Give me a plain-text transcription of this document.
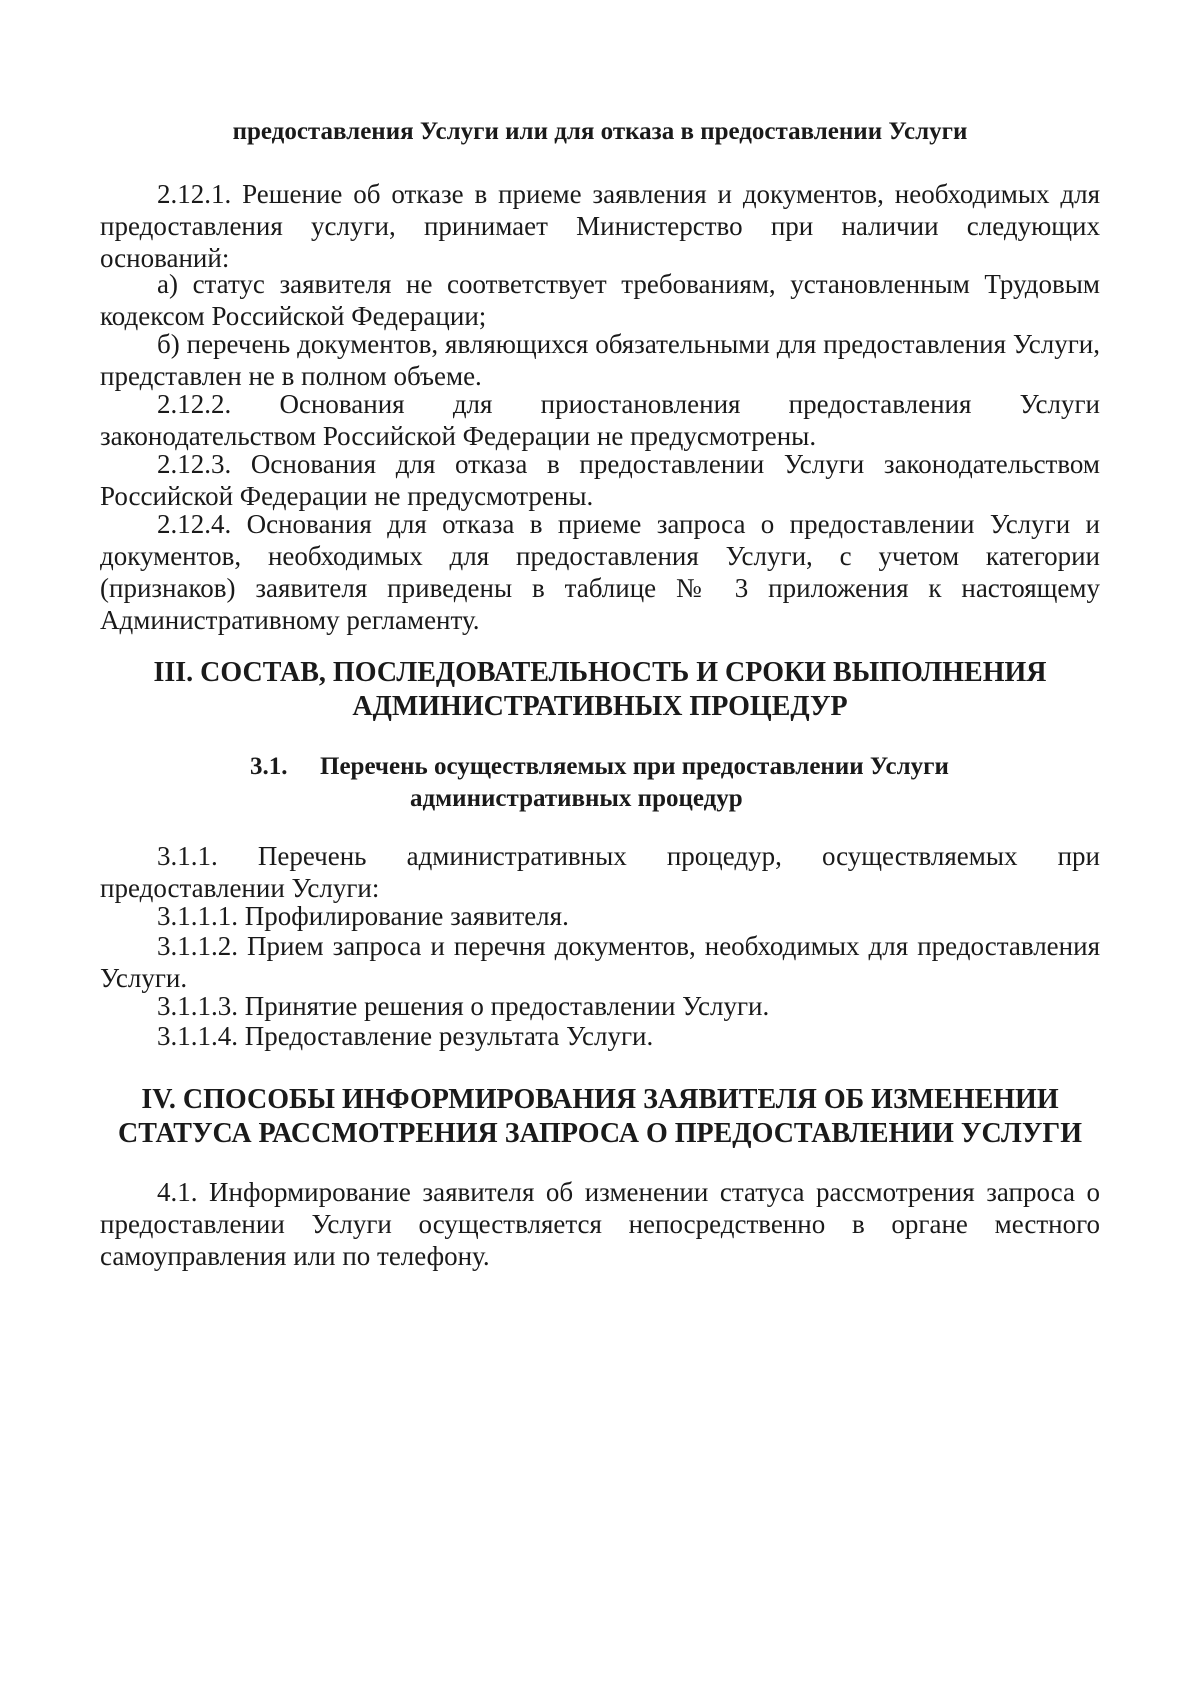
предоставления Услуги или для отказа в предоставлении Услуги

2.12.1. Решение об отказе в приеме заявления и документов, необходимых для предоставления услуги, принимает Министерство при наличии следующих оснований:

а) статус заявителя не соответствует требованиям, установленным Трудовым кодексом Российской Федерации;

б) перечень документов, являющихся обязательными для предоставления Услуги, представлен не в полном объеме.

2.12.2. Основания для приостановления предоставления Услуги законодательством Российской Федерации не предусмотрены.

2.12.3. Основания для отказа в предоставлении Услуги законодательством Российской Федерации не предусмотрены.

2.12.4. Основания для отказа в приеме запроса о предоставлении Услуги и документов, необходимых для предоставления Услуги, с учетом категории (признаков) заявителя приведены в таблице № 3 приложения к настоящему Административному регламенту.

III. СОСТАВ, ПОСЛЕДОВАТЕЛЬНОСТЬ И СРОКИ ВЫПОЛНЕНИЯ

АДМИНИСТРАТИВНЫХ ПРОЦЕДУР

3.1. Перечень осуществляемых при предоставлении Услуги

административных процедур

3.1.1. Перечень административных процедур, осуществляемых при предоставлении Услуги:

3.1.1.1. Профилирование заявителя.

3.1.1.2. Прием запроса и перечня документов, необходимых для предоставления Услуги.

3.1.1.3. Принятие решения о предоставлении Услуги.

3.1.1.4. Предоставление результата Услуги.

IV. СПОСОБЫ ИНФОРМИРОВАНИЯ ЗАЯВИТЕЛЯ ОБ ИЗМЕНЕНИИ

СТАТУСА РАССМОТРЕНИЯ ЗАПРОСА О ПРЕДОСТАВЛЕНИИ УСЛУГИ

4.1. Информирование заявителя об изменении статуса рассмотрения запроса о предоставлении Услуги осуществляется непосредственно в органе местного самоуправления или по телефону.
